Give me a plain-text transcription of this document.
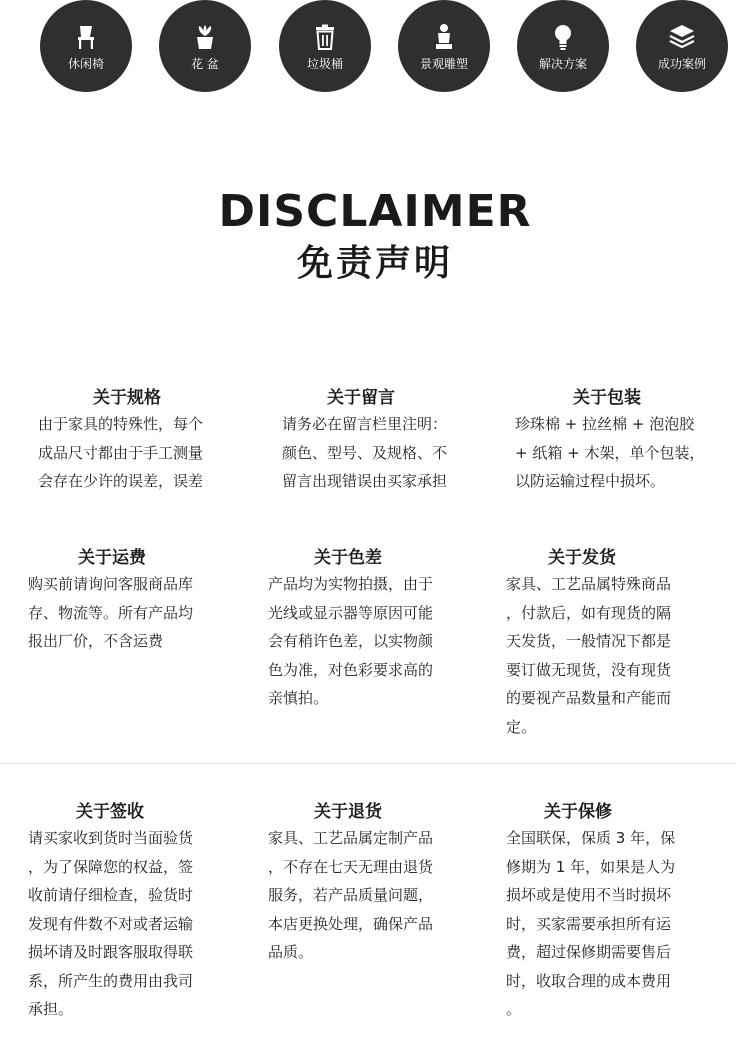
休闲椅	花 盆	垃圾桶	景观雕塑	解决方案	成功案例
DISCLAIMER
免责声明
关于规格

由于家具的特殊性，每个
成品尺寸都由于手工测量
会存在少许的误差，误差

关于留言

请务必在留言栏里注明：
颜色、型号、及规格、不
留言出现错误由买家承担

关于包装

珍珠棉 + 拉丝棉 + 泡泡胶
+ 纸箱 + 木架，单个包装，
以防运输过程中损坏。

关于运费

购买前请询问客服商品库
存、物流等。所有产品均
报出厂价，不含运费

关于色差

产品均为实物拍摄，由于
光线或显示器等原因可能
会有稍许色差，以实物颜
色为准，对色彩要求高的
亲慎拍。

关于发货

家具、工艺品属特殊商品
，付款后，如有现货的隔
天发货，一般情况下都是
要订做无现货，没有现货
的要视产品数量和产能而
定。

关于签收

请买家收到货时当面验货
，为了保障您的权益，签
收前请仔细检查，验货时
发现有件数不对或者运输
损坏请及时跟客服取得联
系，所产生的费用由我司
承担。

关于退货

家具、工艺品属定制产品
，不存在七天无理由退货
服务，若产品质量问题，
本店更换处理，确保产品
品质。

关于保修

全国联保，保质 3 年，保
修期为 1 年，如果是人为
损坏或是使用不当时损坏
时，买家需要承担所有运
费，超过保修期需要售后
时，收取合理的成本费用
。
